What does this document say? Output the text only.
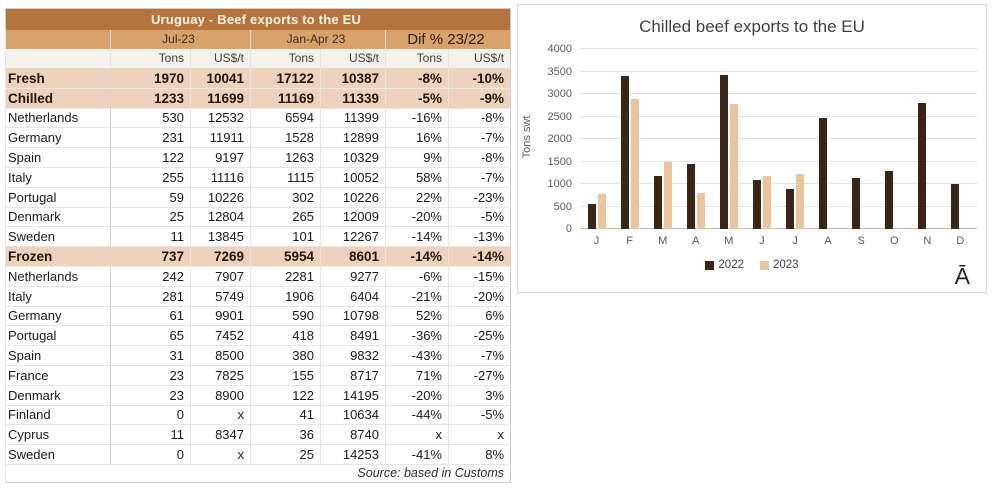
Uruguay - Beef exports to the EU						
	Jul-23		Jan-Apr 23		Dif % 23/22	
	Tons	US$/t	Tons	US$/t	Tons	US$/t
Fresh	1970	10041	17122	10387	-8%	-10%
Chilled	1233	11699	11169	11339	-5%	-9%
Netherlands	530	12532	6594	11399	-16%	-8%
Germany	231	11911	1528	12899	16%	-7%
Spain	122	9197	1263	10329	9%	-8%
Italy	255	11116	1115	10052	58%	-7%
Portugal	59	10226	302	10226	22%	-23%
Denmark	25	12804	265	12009	-20%	-5%
Sweden	11	13845	101	12267	-14%	-13%
Frozen	737	7269	5954	8601	-14%	-14%
Netherlands	242	7907	2281	9277	-6%	-15%
Italy	281	5749	1906	6404	-21%	-20%
Germany	61	9901	590	10798	52%	6%
Portugal	65	7452	418	8491	-36%	-25%
Spain	31	8500	380	9832	-43%	-7%
France	23	7825	155	8717	71%	-27%
Denmark	23	8900	122	14195	-20%	3%
Finland	0	x	41	10634	-44%	-5%
Cyprus	11	8347	36	8740	x	x
Sweden	0	x	25	14253	-41%	8%
Source: based in Customs						
Chilled beef exports to the EU
Tons swt
0
500
1000
1500
2000
2500
3000
3500
4000
J	F	M	A	M	J	J	A	S	O	N	D
2022	2023	Ā
